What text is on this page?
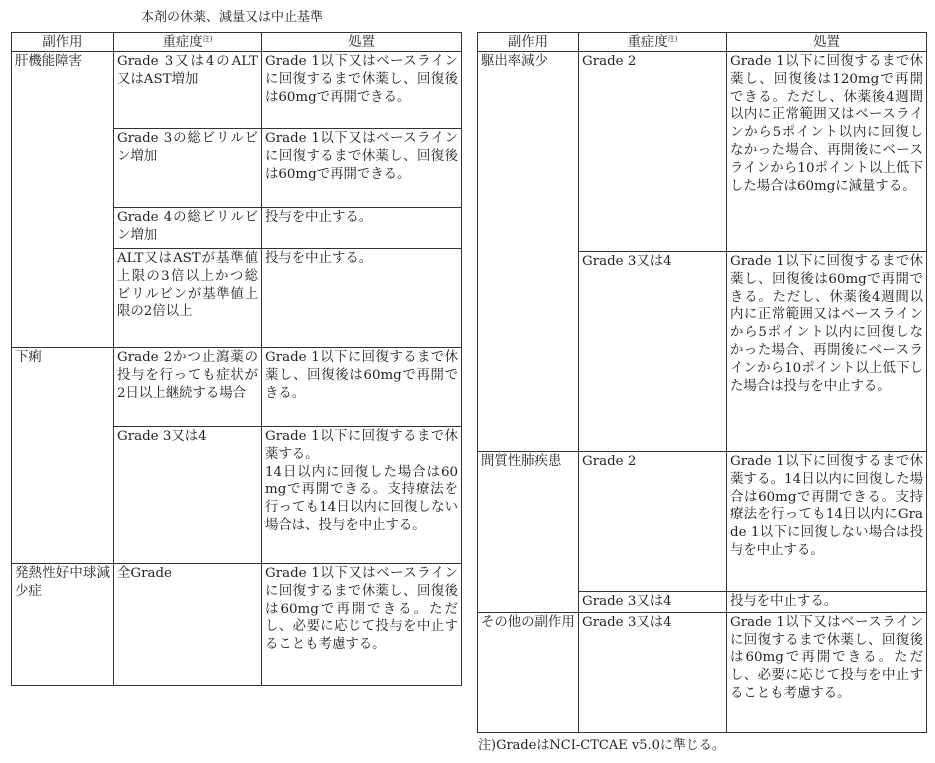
本剤の休薬、減量又は中止基準
副作用	重症度$^{注)}$	処置
肝機能障害	Grade 3又は4のALT又はAST増加	Grade 1以下又はベースラインに回復するまで休薬し、回復後は60mgで再開できる。
	Grade 3の総ビリルビン増加	Grade 1以下又はベースラインに回復するまで休薬し、回復後は60mgで再開できる。
	Grade 4の総ビリルビン増加	投与を中止する。
	ALT又はASTが基準値上限の3倍以上かつ総ビリルビンが基準値上限の2倍以上	投与を中止する。
下痢	Grade 2かつ止瀉薬の投与を行っても症状が2日以上継続する場合	Grade 1以下に回復するまで休薬し、回復後は60mgで再開できる。
	Grade 3又は4	Grade 1以下に回復するまで休薬する。
14日以内に回復した場合は60mgで再開できる。支持療法を行っても14日以内に回復しない場合は、投与を中止する。
発熱性好中球減少症	全Grade	Grade 1以下又はベースラインに回復するまで休薬し、回復後は60mgで再開できる。ただし、必要に応じて投与を中止することも考慮する。
副作用	重症度$^{注)}$	処置
駆出率減少	Grade 2	Grade 1以下に回復するまで休薬し、回復後は120mgで再開できる。ただし、休薬後4週間以内に正常範囲又はベースラインから5ポイント以内に回復しなかった場合、再開後にベースラインから10ポイント以上低下した場合は60mgに減量する。
	Grade 3又は4	Grade 1以下に回復するまで休薬し、回復後は60mgで再開できる。ただし、休薬後4週間以内に正常範囲又はベースラインから5ポイント以内に回復しなかった場合、再開後にベースラインから10ポイント以上低下した場合は投与を中止する。
間質性肺疾患	Grade 2	Grade 1以下に回復するまで休薬する。14日以内に回復した場合は60mgで再開できる。支持療法を行っても14日以内にGrade 1以下に回復しない場合は投与を中止する。
	Grade 3又は4	投与を中止する。
その他の副作用	Grade 3又は4	Grade 1以下又はベースラインに回復するまで休薬し、回復後は60mgで再開できる。ただし、必要に応じて投与を中止することも考慮する。
注)GradeはNCI-CTCAE v5.0に準じる。
